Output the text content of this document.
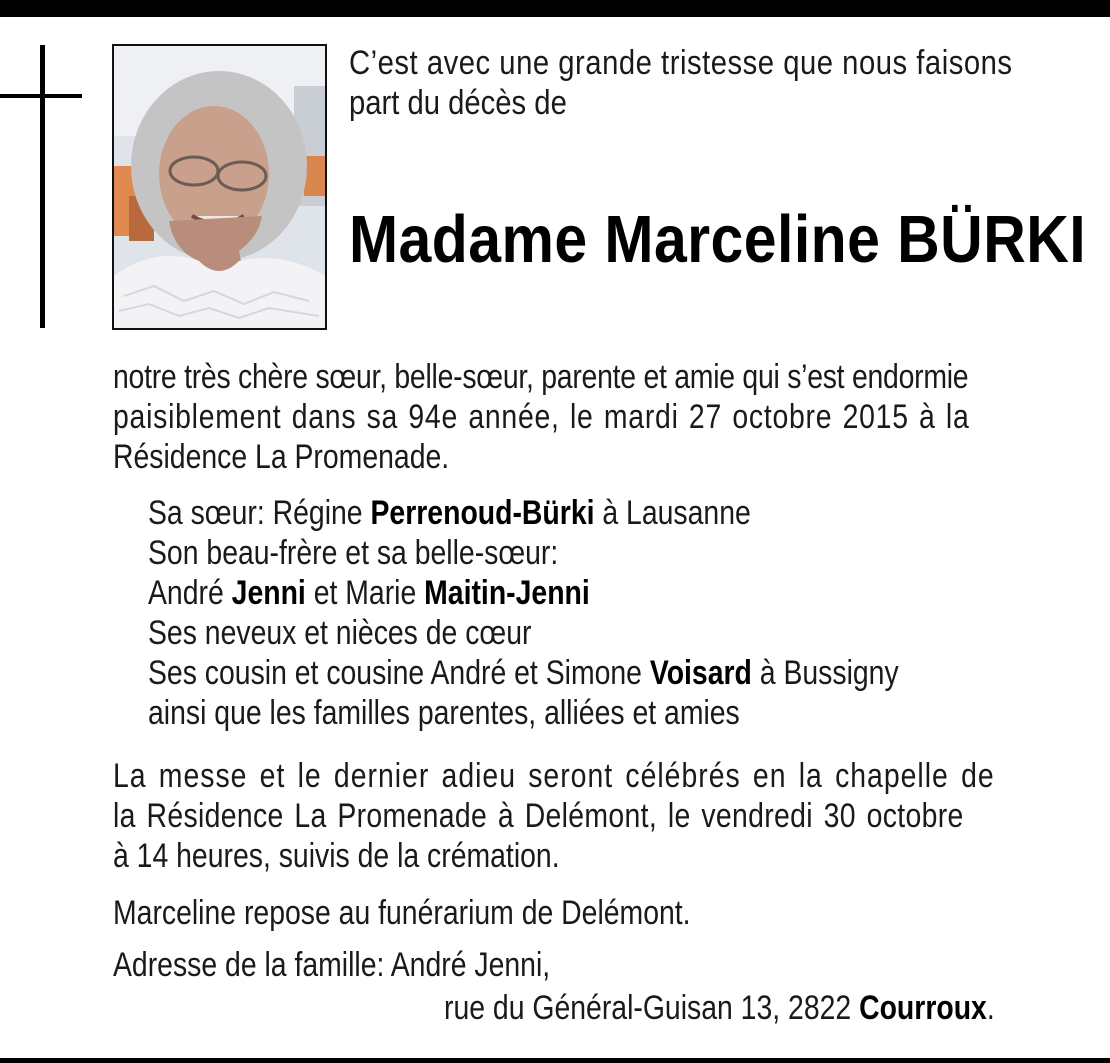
C’est avec une grande tristesse que nous faisons
part du décès de
Madame Marceline BÜRKI
notre très chère sœur, belle-sœur, parente et amie qui s’est endormie
paisiblement dans sa 94e année, le mardi 27 octobre 2015 à la
Résidence La Promenade.
Sa sœur: Régine Perrenoud-Bürki à Lausanne
Son beau-frère et sa belle-sœur:
André Jenni et Marie Maitin-Jenni
Ses neveux et nièces de cœur
Ses cousin et cousine André et Simone Voisard à Bussigny
ainsi que les familles parentes, alliées et amies
La messe et le dernier adieu seront célébrés en la chapelle de
la Résidence La Promenade à Delémont, le vendredi 30 octobre
à 14 heures, suivis de la crémation.
Marceline repose au funérarium de Delémont.
Adresse de la famille: André Jenni,
rue du Général-Guisan 13, 2822 Courroux.
